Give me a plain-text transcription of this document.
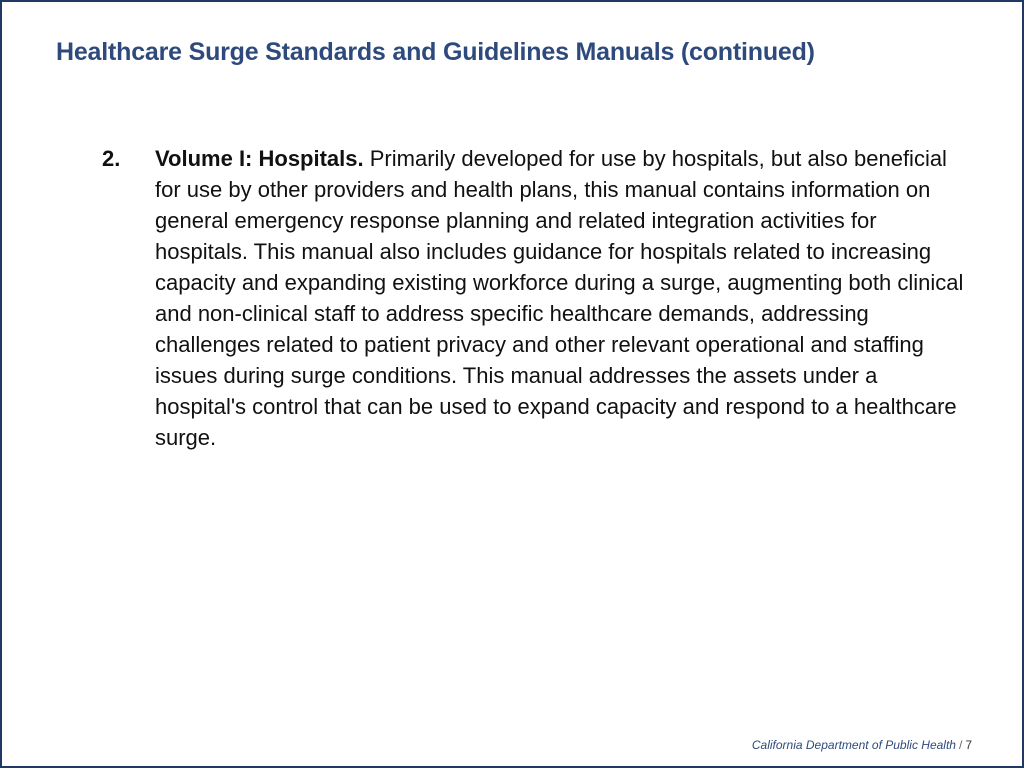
Healthcare Surge Standards and Guidelines Manuals (continued)
2.	Volume I: Hospitals. Primarily developed for use by hospitals, but also beneficial for use by other providers and health plans, this manual contains information on general emergency response planning and related integration activities for hospitals. This manual also includes guidance for hospitals related to increasing capacity and expanding existing workforce during a surge, augmenting both clinical and non-clinical staff to address specific healthcare demands, addressing challenges related to patient privacy and other relevant operational and staffing issues during surge conditions. This manual addresses the assets under a hospital's control that can be used to expand capacity and respond to a healthcare surge.
California Department of Public Health / 7
